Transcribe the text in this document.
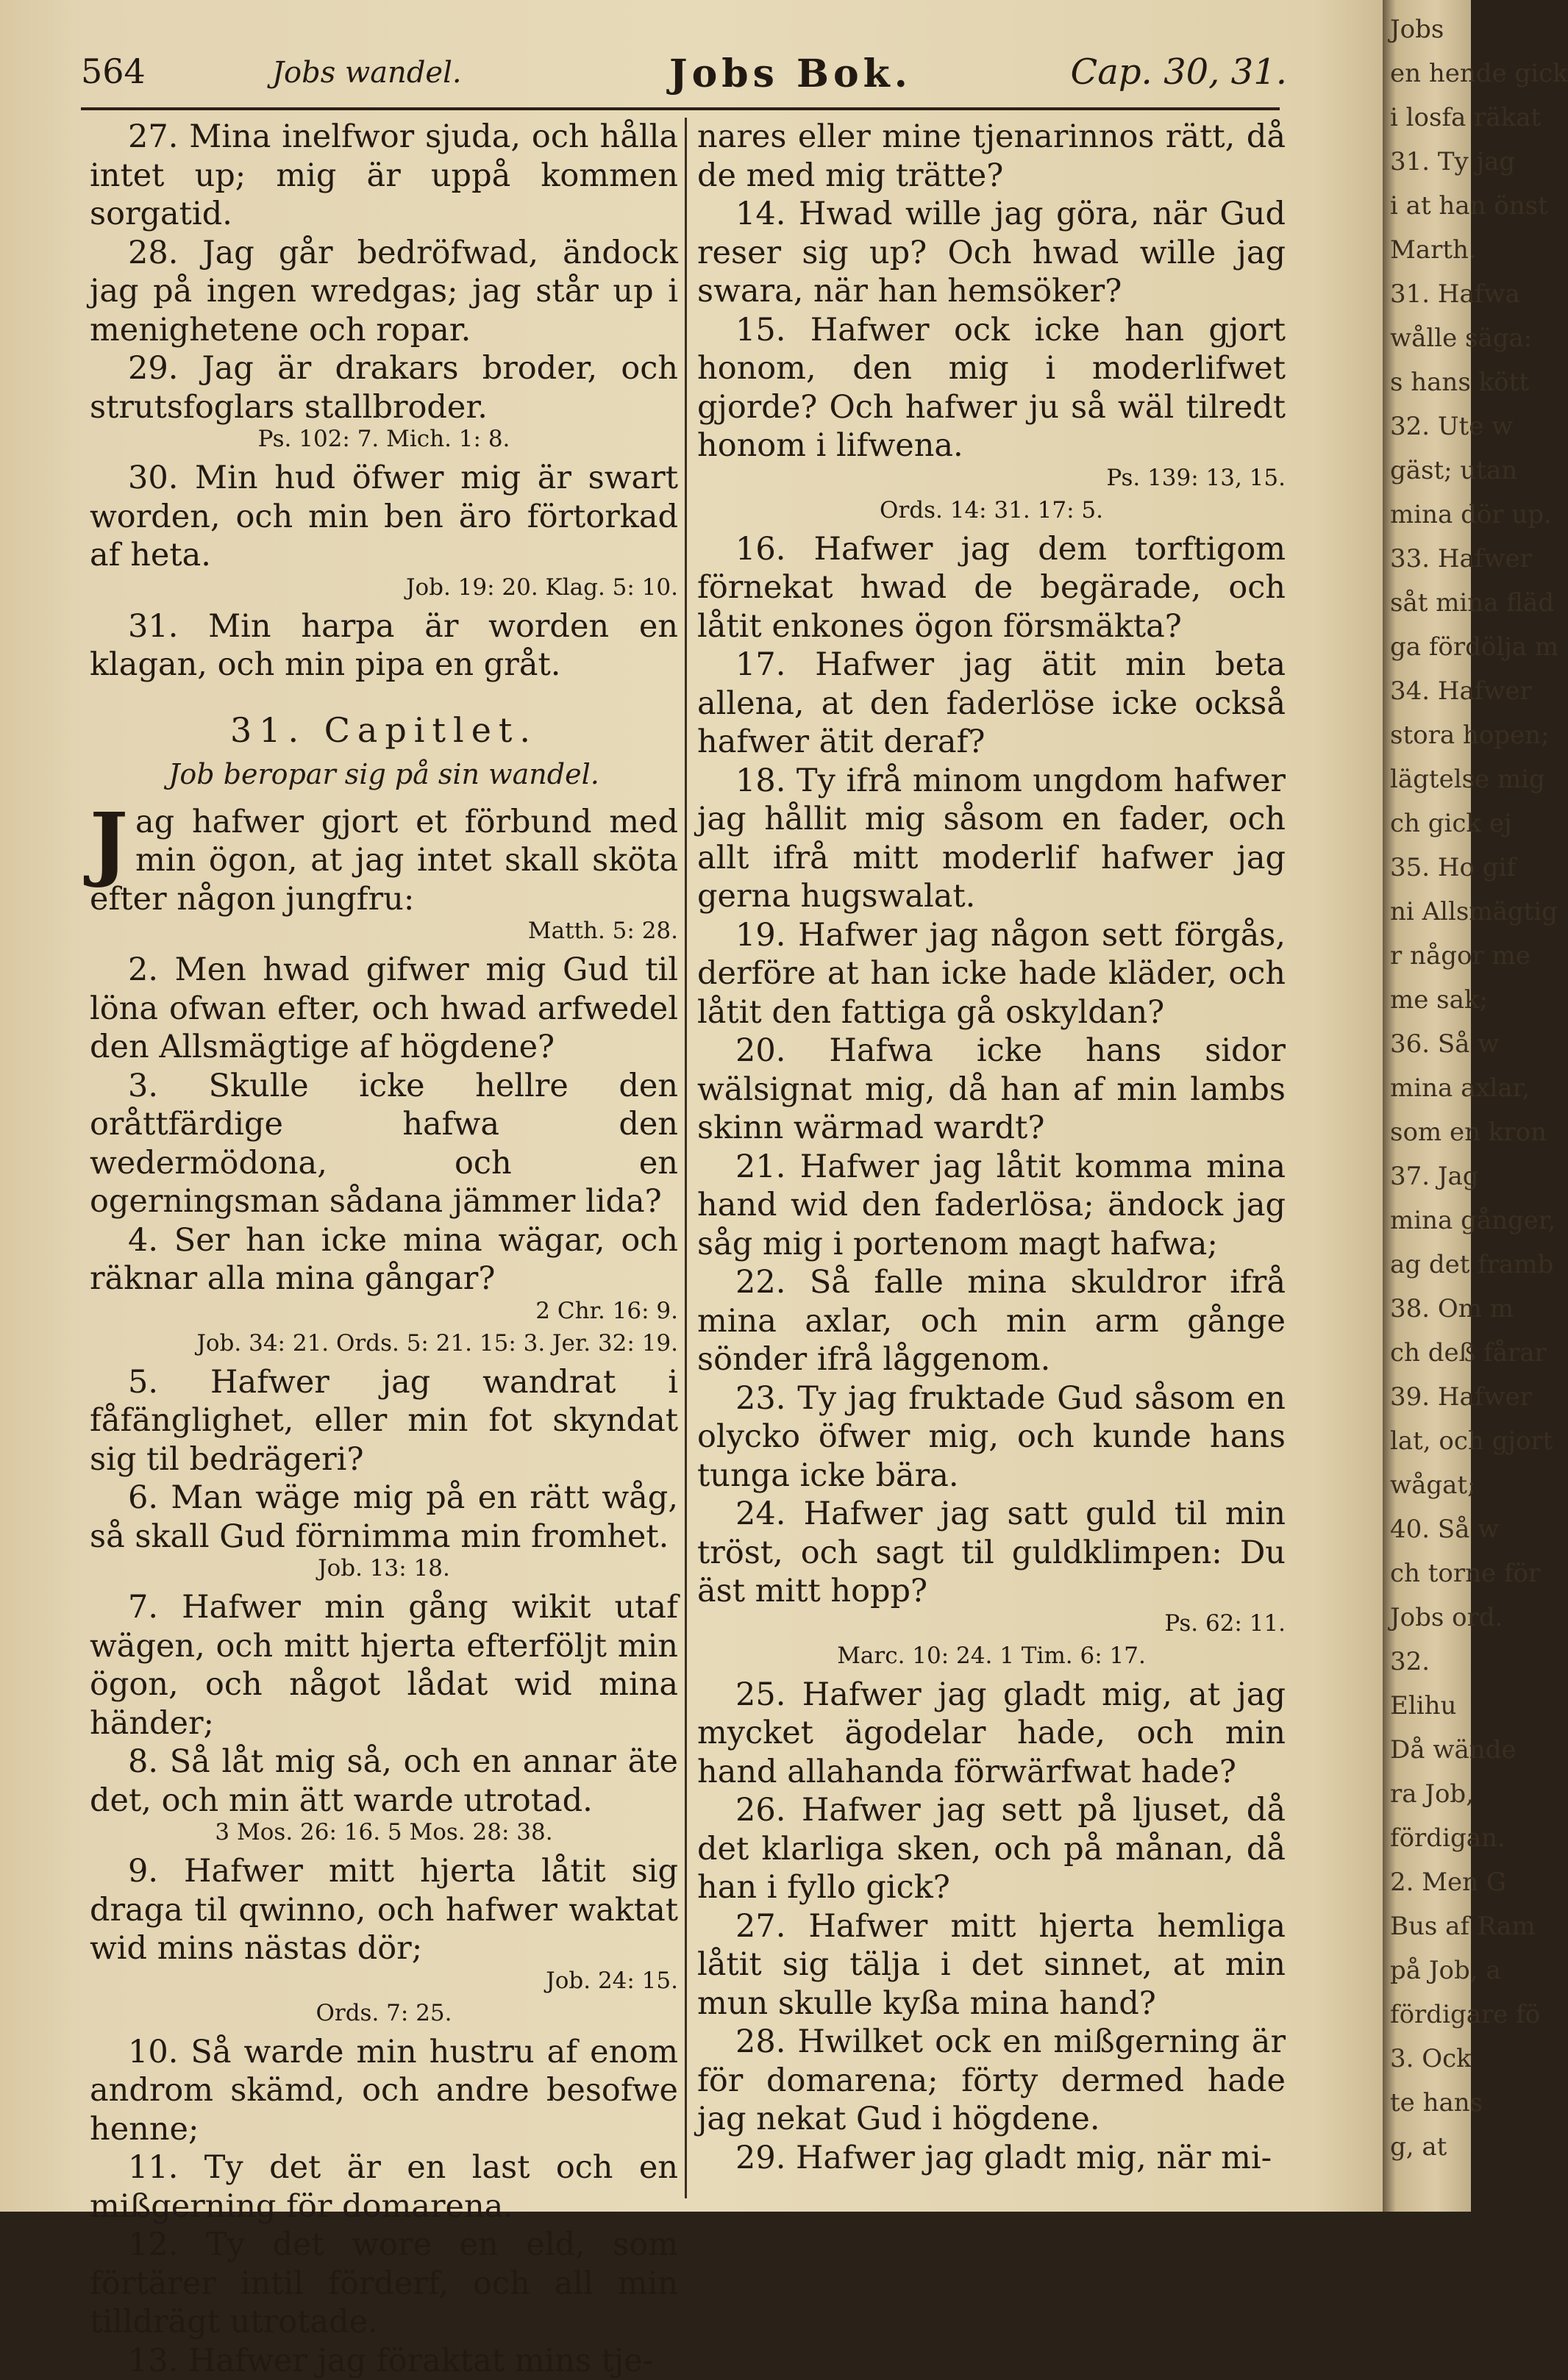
564	Jobs wandel.	Jobs Bok.	Cap. 30, 31.

27. Mina inelfwor sjuda, och hålla intet up; mig är uppå kommen sorgatid.

28. Jag går bedröfwad, ändock jag på ingen wredgas; jag står up i menighetene och ropar.

29. Jag är drakars broder, och strutsfoglars stallbroder.

Ps. 102: 7. Mich. 1: 8.

30. Min hud öfwer mig är swart worden, och min ben äro förtorkad af heta.

Job. 19: 20. Klag. 5: 10.

31. Min harpa är worden en klagan, och min pipa en gråt.

31. Capitlet.
Job beropar sig på sin wandel.

Jag hafwer gjort et förbund med min ögon, at jag intet skall sköta efter någon jungfru:

Matth. 5: 28.

2. Men hwad gifwer mig Gud til löna ofwan efter, och hwad arfwedel den Allsmägtige af högdene?

3. Skulle icke hellre den oråttfärdige hafwa den wedermödona, och en ogerningsman sådana jämmer lida?

4. Ser han icke mina wägar, och räknar alla mina gångar?

2 Chr. 16: 9.

Job. 34: 21. Ords. 5: 21. 15: 3. Jer. 32: 19.

5. Hafwer jag wandrat i fåfänglighet, eller min fot skyndat sig til bedrägeri?

6. Man wäge mig på en rätt wåg, så skall Gud förnimma min fromhet.

Job. 13: 18.

7. Hafwer min gång wikit utaf wägen, och mitt hjerta efterföljt min ögon, och något lådat wid mina händer;

8. Så låt mig så, och en annar äte det, och min ätt warde utrotad.

3 Mos. 26: 16. 5 Mos. 28: 38.

9. Hafwer mitt hjerta låtit sig draga til qwinno, och hafwer waktat wid mins nästas dör;

Job. 24: 15.

Ords. 7: 25.

10. Så warde min hustru af enom androm skämd, och andre besofwe henne;

11. Ty det är en last och en mißgerning för domarena.

12. Ty det wore en eld, som förtärer intil förderf, och all min tilldrägt utrotade.

13. Hafwer jag föraktat mins tje-

nares eller mine tjenarinnos rätt, då de med mig trätte?

14. Hwad wille jag göra, när Gud reser sig up? Och hwad wille jag swara, när han hemsöker?

15. Hafwer ock icke han gjort honom, den mig i moderlifwet gjorde? Och hafwer ju så wäl tilredt honom i lifwena.

Ps. 139: 13, 15.

Ords. 14: 31. 17: 5.

16. Hafwer jag dem torftigom förnekat hwad de begärade, och låtit enkones ögon försmäkta?

17. Hafwer jag ätit min beta allena, at den faderlöse icke också hafwer ätit deraf?

18. Ty ifrå minom ungdom hafwer jag hållit mig såsom en fader, och allt ifrå mitt moderlif hafwer jag gerna hugswalat.

19. Hafwer jag någon sett förgås, derföre at han icke hade kläder, och låtit den fattiga gå oskyldan?

20. Hafwa icke hans sidor wälsignat mig, då han af min lambs skinn wärmad wardt?

21. Hafwer jag låtit komma mina hand wid den faderlösa; ändock jag såg mig i portenom magt hafwa;

22. Så falle mina skuldror ifrå mina axlar, och min arm gånge sönder ifrå låggenom.

23. Ty jag fruktade Gud såsom en olycko öfwer mig, och kunde hans tunga icke bära.

24. Hafwer jag satt guld til min tröst, och sagt til guldklimpen: Du äst mitt hopp?

Ps. 62: 11.

Marc. 10: 24. 1 Tim. 6: 17.

25. Hafwer jag gladt mig, at jag mycket ägodelar hade, och min hand allahanda förwärfwat hade?

26. Hafwer jag sett på ljuset, då det klarliga sken, och på månan, då han i fyllo gick?

27. Hafwer mitt hjerta hemliga låtit sig tälja i det sinnet, at min mun skulle kyßa mina hand?

28. Hwilket ock en mißgerning är för domarena; förty dermed hade jag nekat Gud i högdene.

29. Hafwer jag gladt mig, när mi-

Jobs
en hende gick
i losfa räkat
31. Ty jag
i at han önst
Marth.
31. Hafwa
wålle säga:
s hans kött
32. Ute w
gäst; utan
mina dör up.
33. Hafwer
såt mina fläd
ga fördölja m
34. Hafwer
stora hopen;
lägtelse mig
ch gick ej
35. Ho gif
ni Allsmägtig
r någor me
me sak;
36. Så w
mina axlar,
som en kron
37. Jag
mina gånger,
ag det framb
38. Om m
ch deß fårar
39. Hafwer
lat, och gjort
wågat;
40. Så w
ch torne för
Jobs ord.
32.
Elihu
Då wände
ra Job,
fördigan.
2. Men G
Bus af Ram
på Job, a
fördigare fö
3. Ock
te hans
g, at
